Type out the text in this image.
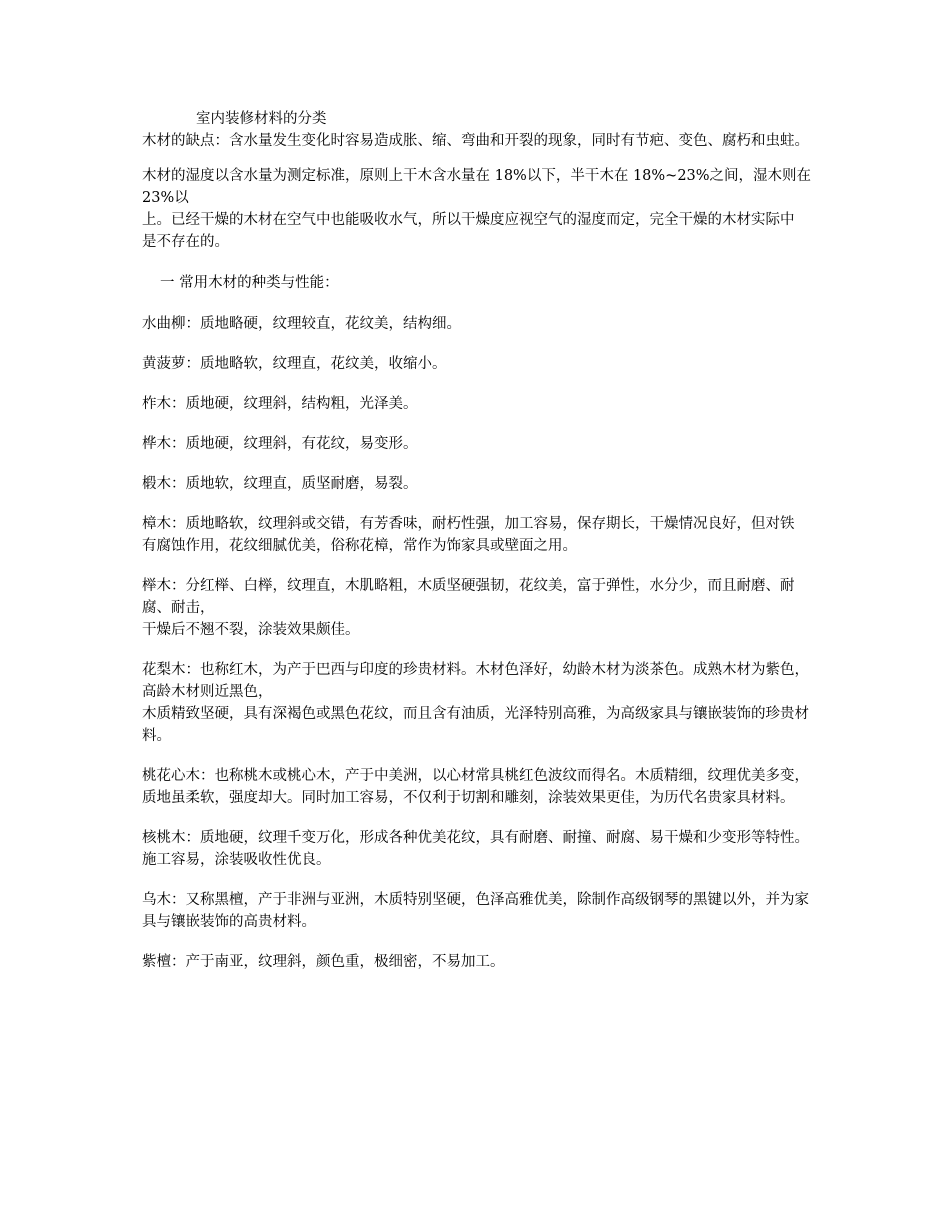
室内装修材料的分类
木材的缺点：含水量发生变化时容易造成胀、缩、弯曲和开裂的现象，同时有节疤、变色、腐朽和虫蛀。
木材的湿度以含水量为测定标准，原则上干木含水量在 18%以下，半干木在 18%~23%之间，湿木则在 23%以
上。已经干燥的木材在空气中也能吸收水气，所以干燥度应视空气的湿度而定，完全干燥的木材实际中
是不存在的。
一 常用木材的种类与性能：
水曲柳：质地略硬，纹理较直，花纹美，结构细。
黄菠萝：质地略软，纹理直，花纹美，收缩小。
柞木：质地硬，纹理斜，结构粗，光泽美。
桦木：质地硬，纹理斜，有花纹，易变形。
椴木：质地软，纹理直，质坚耐磨，易裂。
樟木：质地略软，纹理斜或交错，有芳香味，耐朽性强，加工容易，保存期长，干燥情况良好，但对铁
有腐蚀作用，花纹细腻优美，俗称花樟，常作为饰家具或壁面之用。
榉木：分红榉、白榉，纹理直，木肌略粗，木质坚硬强韧，花纹美，富于弹性，水分少，而且耐磨、耐腐、耐击，
干燥后不翘不裂，涂装效果颇佳。
花梨木：也称红木，为产于巴西与印度的珍贵材料。木材色泽好，幼龄木材为淡茶色。成熟木材为紫色，高龄木材则近黑色，
木质精致坚硬，具有深褐色或黑色花纹，而且含有油质，光泽特别高雅，为高级家具与镶嵌装饰的珍贵材料。
桃花心木：也称桃木或桃心木，产于中美洲，以心材常具桃红色波纹而得名。木质精细，纹理优美多变，
质地虽柔软，强度却大。同时加工容易，不仅利于切割和雕刻，涂装效果更佳，为历代名贵家具材料。
核桃木：质地硬，纹理千变万化，形成各种优美花纹，具有耐磨、耐撞、耐腐、易干燥和少变形等特性。
施工容易，涂装吸收性优良。
乌木：又称黑檀，产于非洲与亚洲，木质特别坚硬，色泽高雅优美，除制作高级钢琴的黑键以外，并为家具与镶嵌装饰的高贵材料。
紫檀：产于南亚，纹理斜，颜色重，极细密，不易加工。
